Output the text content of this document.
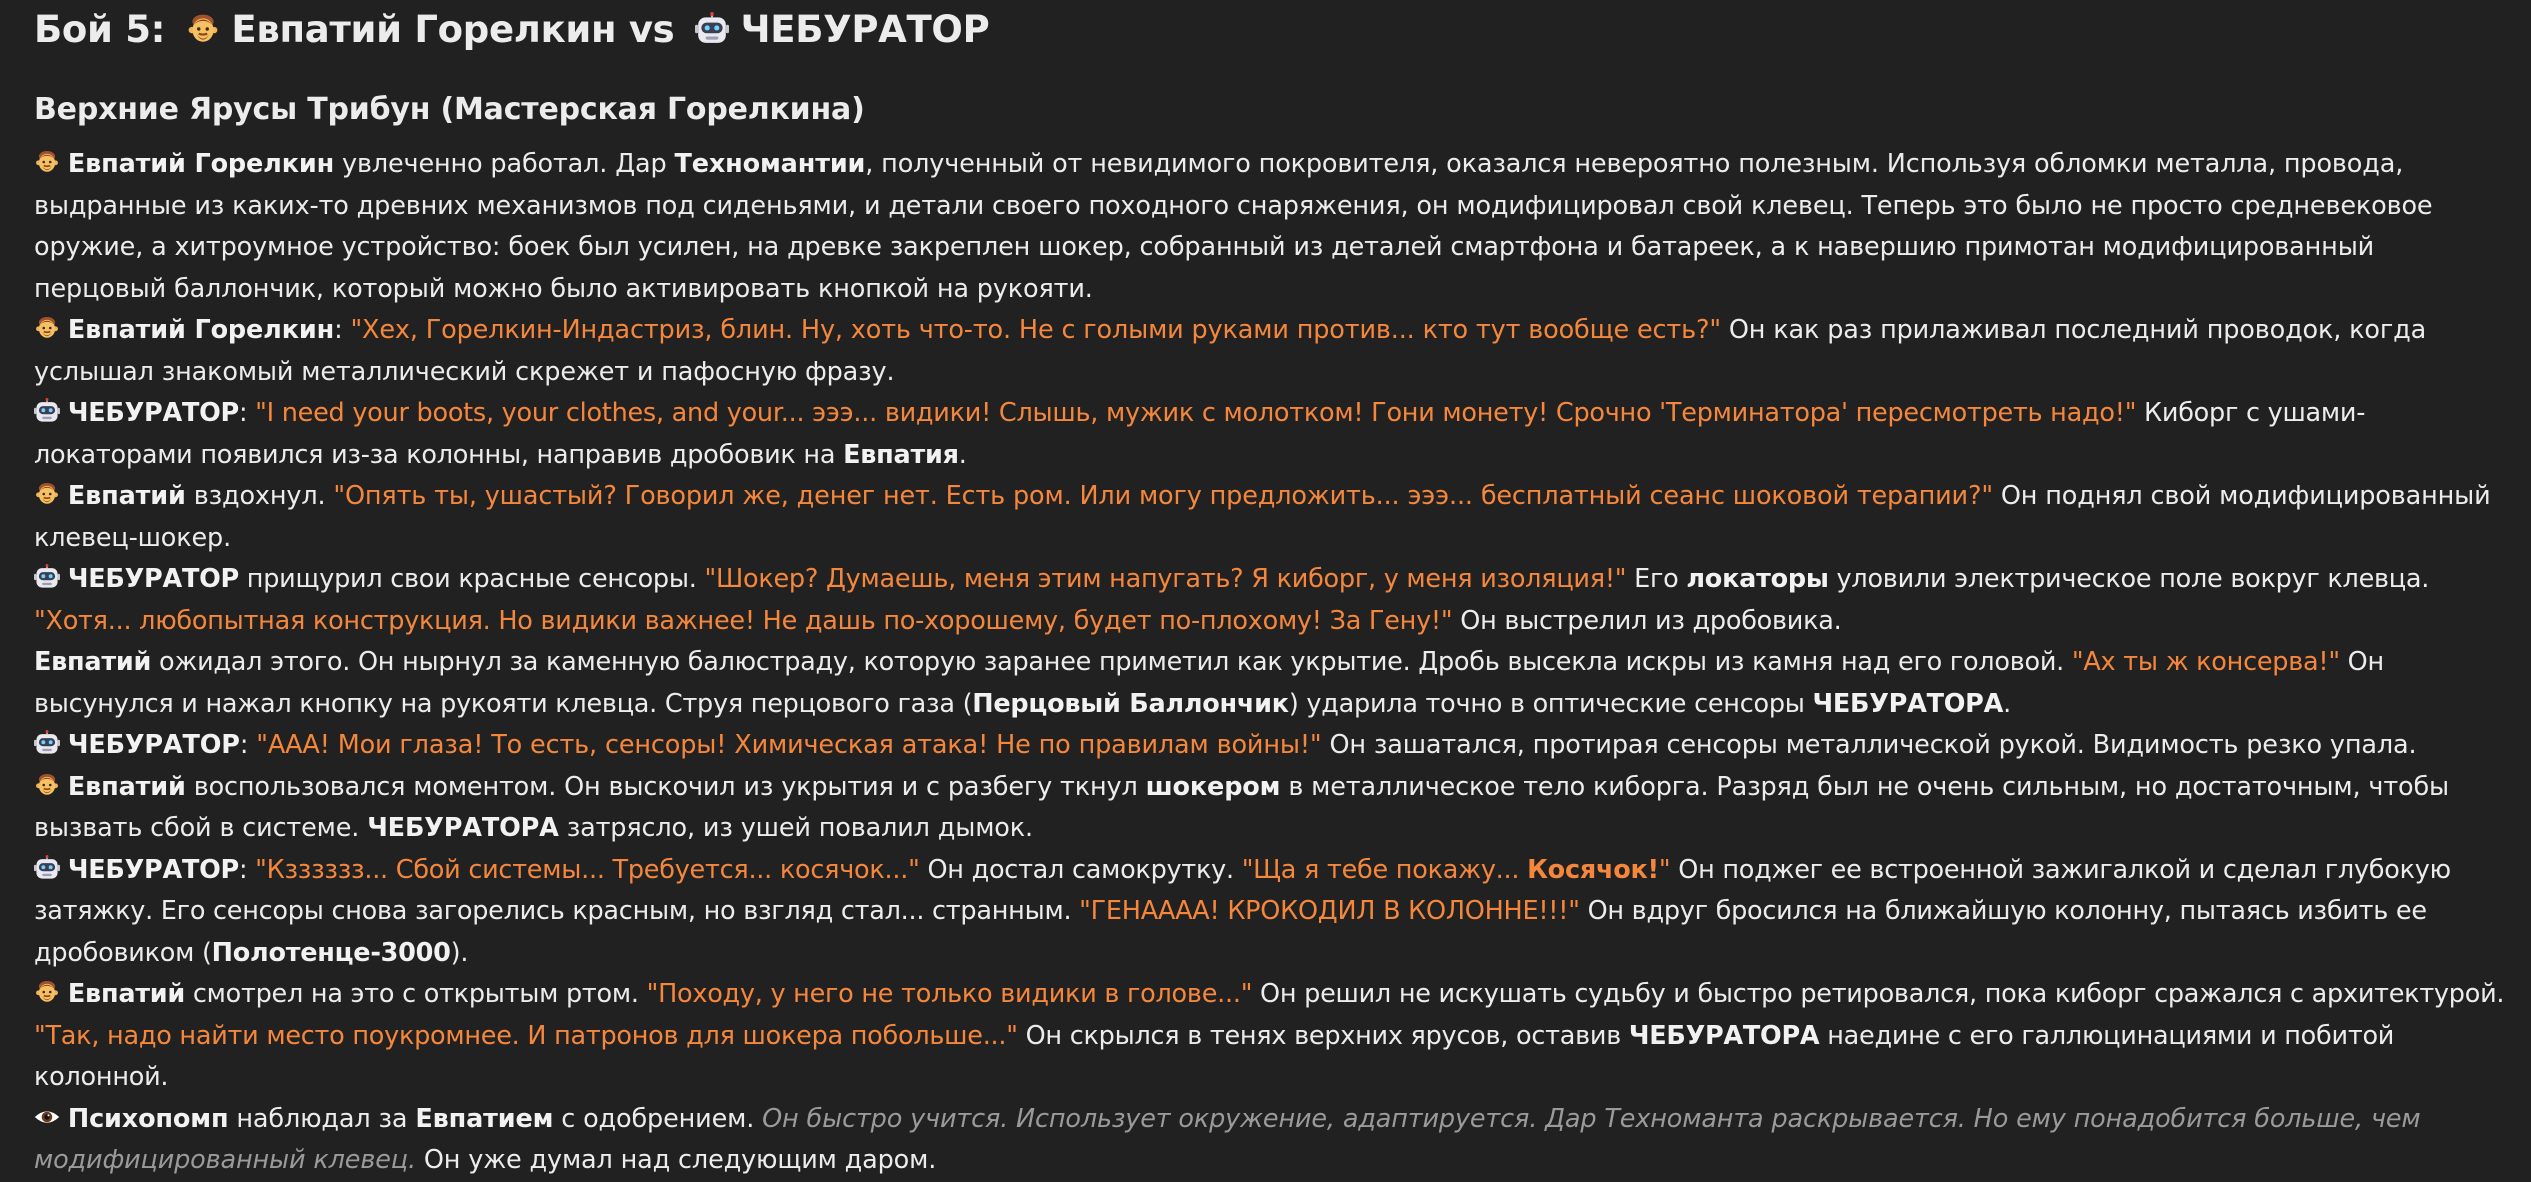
Бой 5: Евпатий Горелкин vs ЧЕБУРАТОР
Верхние Ярусы Трибун (Мастерская Горелкина)

Евпатий Горелкин увлеченно работал. Дар Техномантии, полученный от невидимого покровителя, оказался невероятно полезным. Используя обломки металла, провода, выдранные из каких-то древних механизмов под сиденьями, и детали своего походного снаряжения, он модифицировал свой клевец. Теперь это было не просто средневековое оружие, а хитроумное устройство: боек был усилен, на древке закреплен шокер, собранный из деталей смартфона и батареек, а к навершию примотан модифицированный перцовый баллончик, который можно было активировать кнопкой на рукояти.

Евпатий Горелкин: "Хех, Горелкин-Индастриз, блин. Ну, хоть что-то. Не с голыми руками против... кто тут вообще есть?" Он как раз прилаживал последний проводок, когда услышал знакомый металлический скрежет и пафосную фразу.

ЧЕБУРАТОР: "I need your boots, your clothes, and your... эээ... видики! Слышь, мужик с молотком! Гони монету! Срочно 'Терминатора' пересмотреть надо!" Киборг с ушами-локаторами появился из-за колонны, направив дробовик на Евпатия.

Евпатий вздохнул. "Опять ты, ушастый? Говорил же, денег нет. Есть ром. Или могу предложить... эээ... бесплатный сеанс шоковой терапии?" Он поднял свой модифицированный клевец-шокер.

ЧЕБУРАТОР прищурил свои красные сенсоры. "Шокер? Думаешь, меня этим напугать? Я киборг, у меня изоляция!" Его локаторы уловили электрическое поле вокруг клевца. "Хотя... любопытная конструкция. Но видики важнее! Не дашь по-хорошему, будет по-плохому! За Гену!" Он выстрелил из дробовика.

Евпатий ожидал этого. Он нырнул за каменную балюстраду, которую заранее приметил как укрытие. Дробь высекла искры из камня над его головой. "Ах ты ж консерва!" Он высунулся и нажал кнопку на рукояти клевца. Струя перцового газа (Перцовый Баллончик) ударила точно в оптические сенсоры ЧЕБУРАТОРА.

ЧЕБУРАТОР: "ААА! Мои глаза! То есть, сенсоры! Химическая атака! Не по правилам войны!" Он зашатался, протирая сенсоры металлической рукой. Видимость резко упала.

Евпатий воспользовался моментом. Он выскочил из укрытия и с разбегу ткнул шокером в металлическое тело киборга. Разряд был не очень сильным, но достаточным, чтобы вызвать сбой в системе. ЧЕБУРАТОРА затрясло, из ушей повалил дымок.

ЧЕБУРАТОР: "Кзззззз... Сбой системы... Требуется... косячок..." Он достал самокрутку. "Ща я тебе покажу... Косячок!" Он поджег ее встроенной зажигалкой и сделал глубокую затяжку. Его сенсоры снова загорелись красным, но взгляд стал... странным. "ГЕНАААА! КРОКОДИЛ В КОЛОННЕ!!!" Он вдруг бросился на ближайшую колонну, пытаясь избить ее дробовиком (Полотенце-3000).

Евпатий смотрел на это с открытым ртом. "Походу, у него не только видики в голове..." Он решил не искушать судьбу и быстро ретировался, пока киборг сражался с архитектурой. "Так, надо найти место поукромнее. И патронов для шокера побольше..." Он скрылся в тенях верхних ярусов, оставив ЧЕБУРАТОРА наедине с его галлюцинациями и побитой колонной.

Психопомп наблюдал за Евпатием с одобрением. Он быстро учится. Использует окружение, адаптируется. Дар Техноманта раскрывается. Но ему понадобится больше, чем модифицированный клевец. Он уже думал над следующим даром.
